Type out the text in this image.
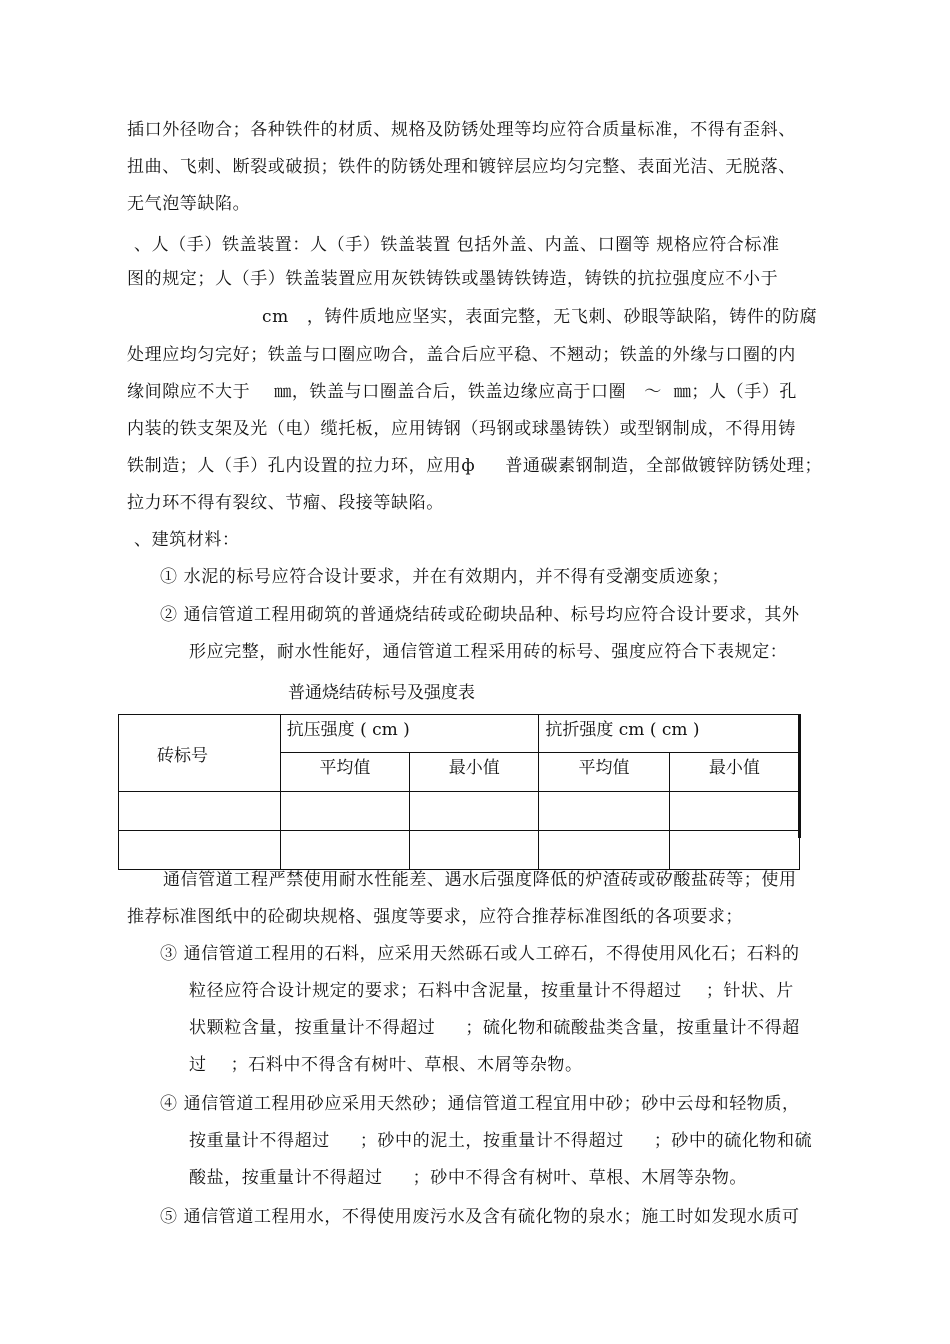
插口外径吻合；各种铁件的材质、规格及防锈处理等均应符合质量标准，不得有歪斜、
扭曲、飞刺、断裂或破损；铁件的防锈处理和镀锌层应均匀完整、表面光洁、无脱落、
无气泡等缺陷。
、人（手）铁盖装置：人（手）铁盖装置 包括外盖、内盖、口圈等 规格应符合标准
图的规定；人（手）铁盖装置应用灰铁铸铁或墨铸铁铸造，铸铁的抗拉强度应不小于
cm   ，铸件质地应坚实，表面完整，无飞刺、砂眼等缺陷，铸件的防腐
处理应均匀完好；铁盖与口圈应吻合，盖合后应平稳、不翘动；铁盖的外缘与口圈的内
缘间隙应不大于    ㎜，铁盖与口圈盖合后，铁盖边缘应高于口圈   ～  ㎜；人（手）孔
内装的铁支架及光（电）缆托板，应用铸钢（玛钢或球墨铸铁）或型钢制成，不得用铸
铁制造；人（手）孔内设置的拉力环，应用ф     普通碳素钢制造，全部做镀锌防锈处理；
拉力环不得有裂纹、节瘤、段接等缺陷。
、建筑材料：
① 水泥的标号应符合设计要求，并在有效期内，并不得有受潮变质迹象；
② 通信管道工程用砌筑的普通烧结砖或砼砌块品种、标号均应符合设计要求，其外
形应完整，耐水性能好，通信管道工程采用砖的标号、强度应符合下表规定：
普通烧结砖标号及强度表
砖标号	抗压强度 ( cm )		抗折强度 cm ( cm )	
	平均值	最小值	平均值	最小值

通信管道工程严禁使用耐水性能差、遇水后强度降低的炉渣砖或矽酸盐砖等；使用
推荐标准图纸中的砼砌块规格、强度等要求，应符合推荐标准图纸的各项要求；
③ 通信管道工程用的石料，应采用天然砾石或人工碎石，不得使用风化石；石料的
粒径应符合设计规定的要求；石料中含泥量，按重量计不得超过    ；针状、片
状颗粒含量，按重量计不得超过     ；硫化物和硫酸盐类含量，按重量计不得超
过    ；石料中不得含有树叶、草根、木屑等杂物。
④ 通信管道工程用砂应采用天然砂；通信管道工程宜用中砂；砂中云母和轻物质，
按重量计不得超过     ；砂中的泥土，按重量计不得超过     ；砂中的硫化物和硫
酸盐，按重量计不得超过     ；砂中不得含有树叶、草根、木屑等杂物。
⑤ 通信管道工程用水，不得使用废污水及含有硫化物的泉水；施工时如发现水质可
